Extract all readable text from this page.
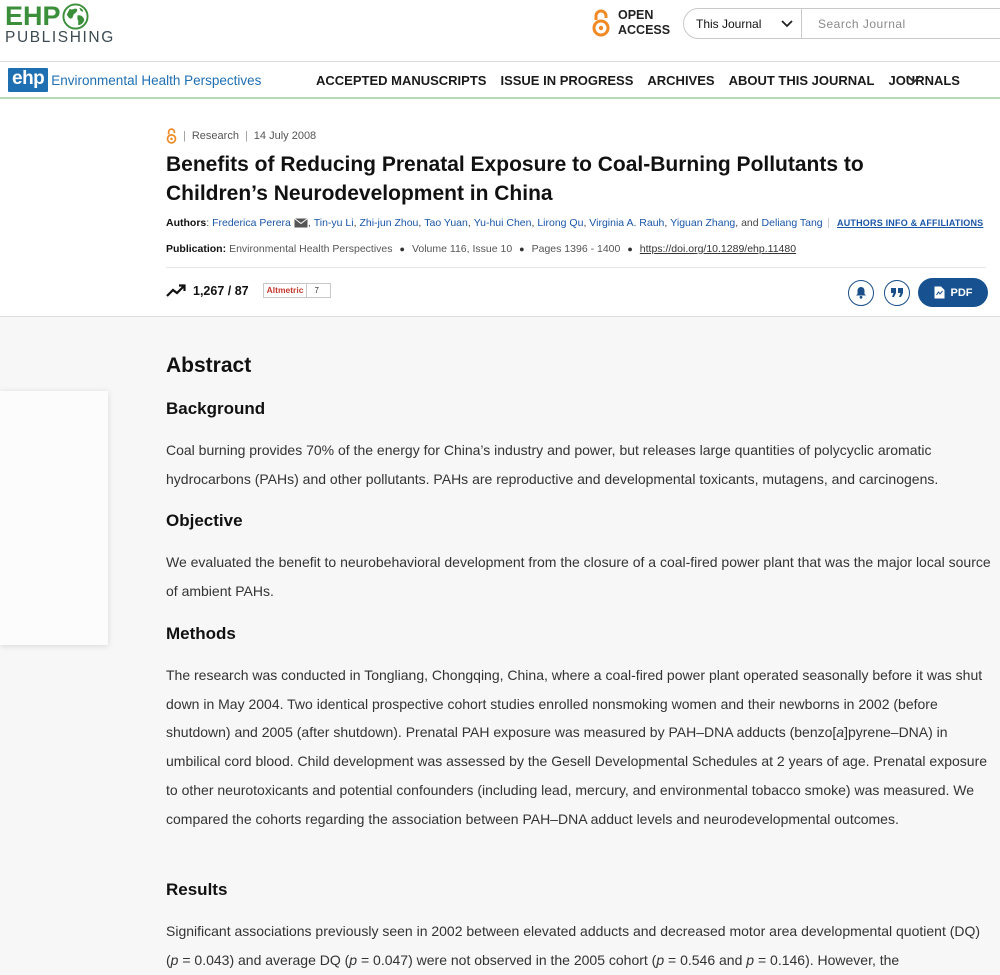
EHP
PUBLISHING
OPEN
ACCESS This Journal
Search Journal
ehp Environmental Health Perspectives	ACCEPTED MANUSCRIPTS ISSUE IN PROGRESS ARCHIVES ABOUT THIS JOURNAL JOURNALS
| Research | 14 July 2008
Benefits of Reducing Prenatal Exposure to Coal-Burning Pollutants to Children’s Neurodevelopment in China
Authors : Frederica Perera , Tin-yu Li , Zhi-jun Zhou , Tao Yuan , Yu-hui Chen , Lirong Qu , Virginia A. Rauh , Yiguan Zhang , and
Deliang Tang	AUTHORS INFO & AFFILIATIONS
Publication: Environmental Health Perspectives ● Volume 116, Issue 10 ● Pages 1396 - 1400 ● https://doi.org/10.1289/ehp.11480
1,267 / 87	Altmetric	7	PDF
Abstract
Background

Coal burning provides 70% of the energy for China’s industry and power, but releases large quantities of polycyclic aromatic hydrocarbons (PAHs) and other pollutants. PAHs are reproductive and developmental toxicants, mutagens, and carcinogens.

Objective

We evaluated the benefit to neurobehavioral development from the closure of a coal-fired power plant that was the major local source of ambient PAHs.

Methods

The research was conducted in Tongliang, Chongqing, China, where a coal-fired power plant operated seasonally before it was shut down in May 2004. Two identical prospective cohort studies enrolled nonsmoking women and their newborns in 2002 (before shutdown) and 2005 (after shutdown). Prenatal PAH exposure was measured by PAH–DNA adducts (benzo[a]pyrene–DNA) in umbilical cord blood. Child development was assessed by the Gesell Developmental Schedules at 2 years of age. Prenatal exposure to other neurotoxicants and potential confounders (including lead, mercury, and environmental tobacco smoke) was measured. We compared the cohorts regarding the association between PAH–DNA adduct levels and neurodevelopmental outcomes.

Results

Significant associations previously seen in 2002 between elevated adducts and decreased motor area developmental quotient (DQ) (p = 0.043) and average DQ (p = 0.047) were not observed in the 2005 cohort (p = 0.546 and p = 0.146). However, the
